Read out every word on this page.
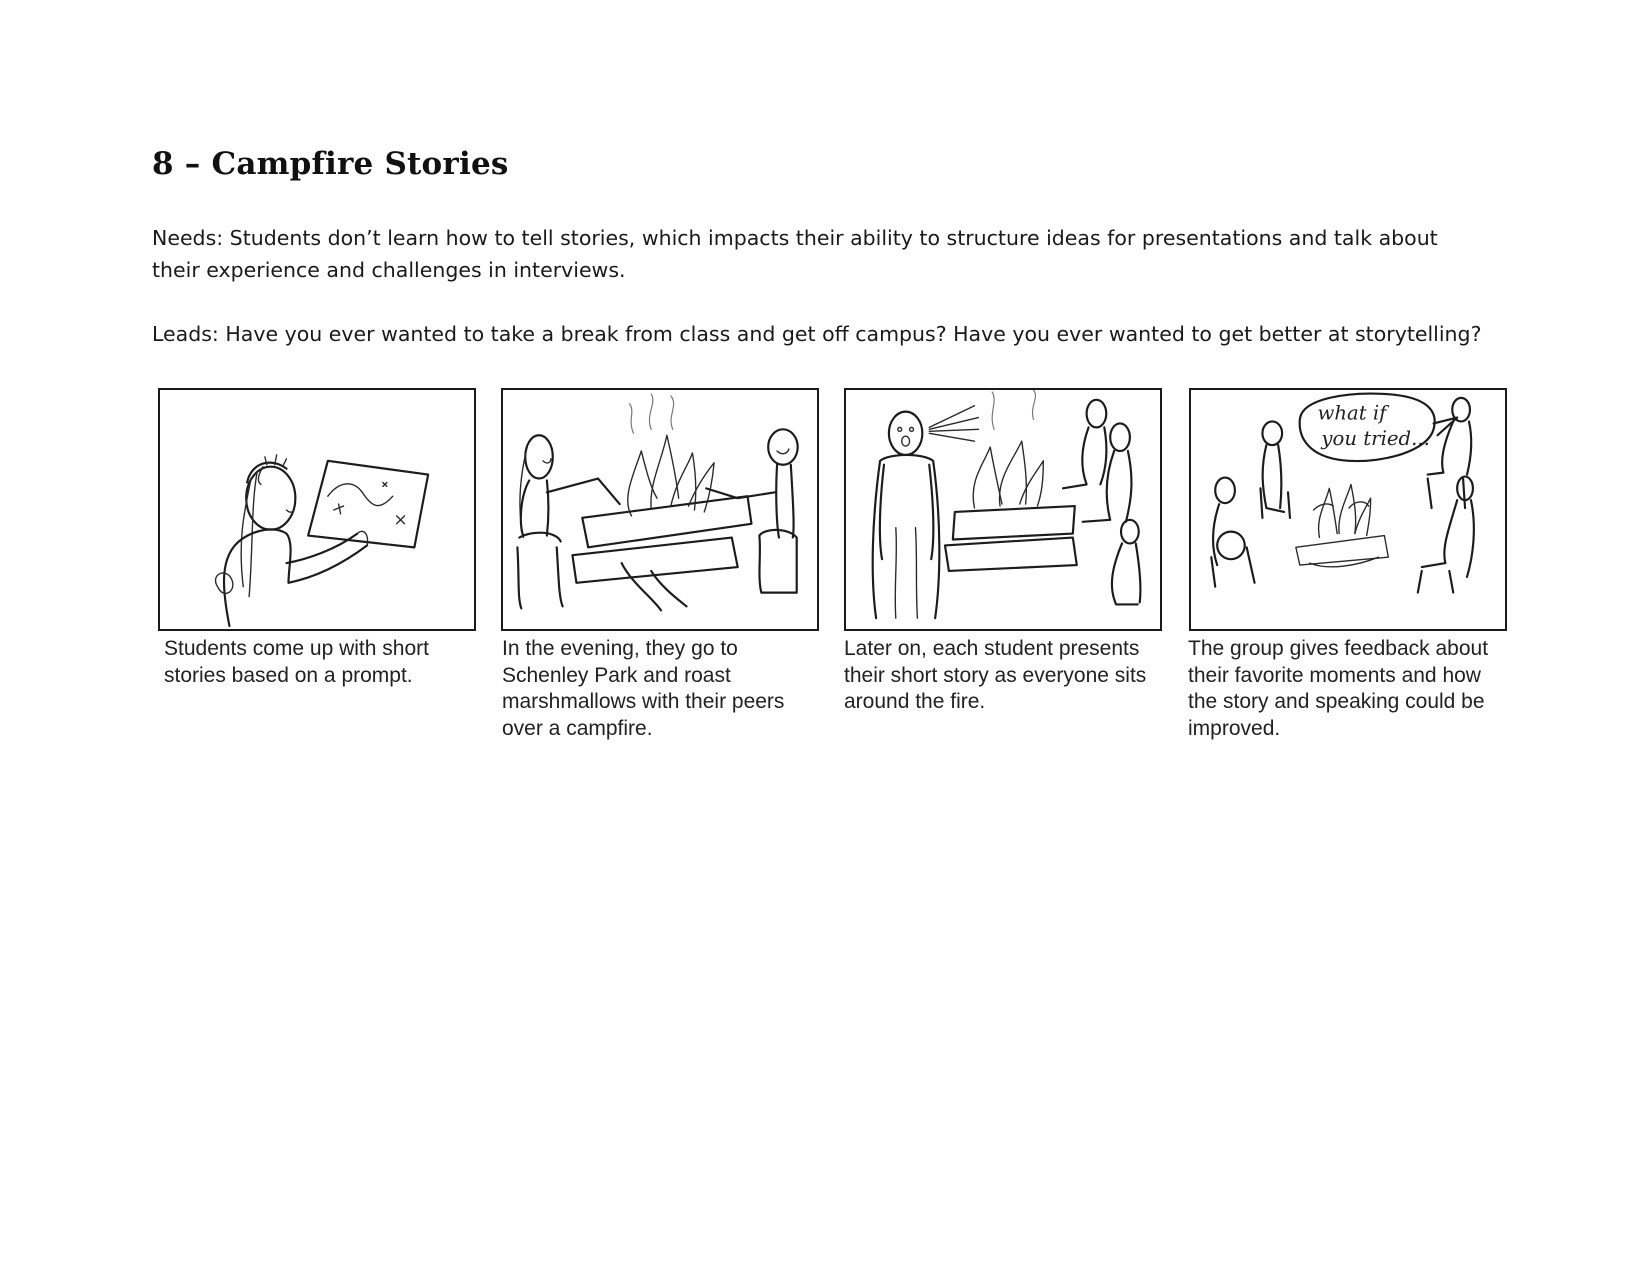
8 – Campfire Stories

Needs: Students don’t learn how to tell stories, which impacts their ability to structure ideas for presentations and talk about their experience and challenges in interviews.

Leads: Have you ever wanted to take a break from class and get off campus? Have you ever wanted to get better at storytelling?

Students come up with short stories based on a prompt.

In the evening, they go to Schenley Park and roast marshmallows with their peers over a campfire.

Later on, each student presents their short story as everyone sits around the fire.

what if
you tried...

The group gives feedback about their favorite moments and how the story and speaking could be improved.
